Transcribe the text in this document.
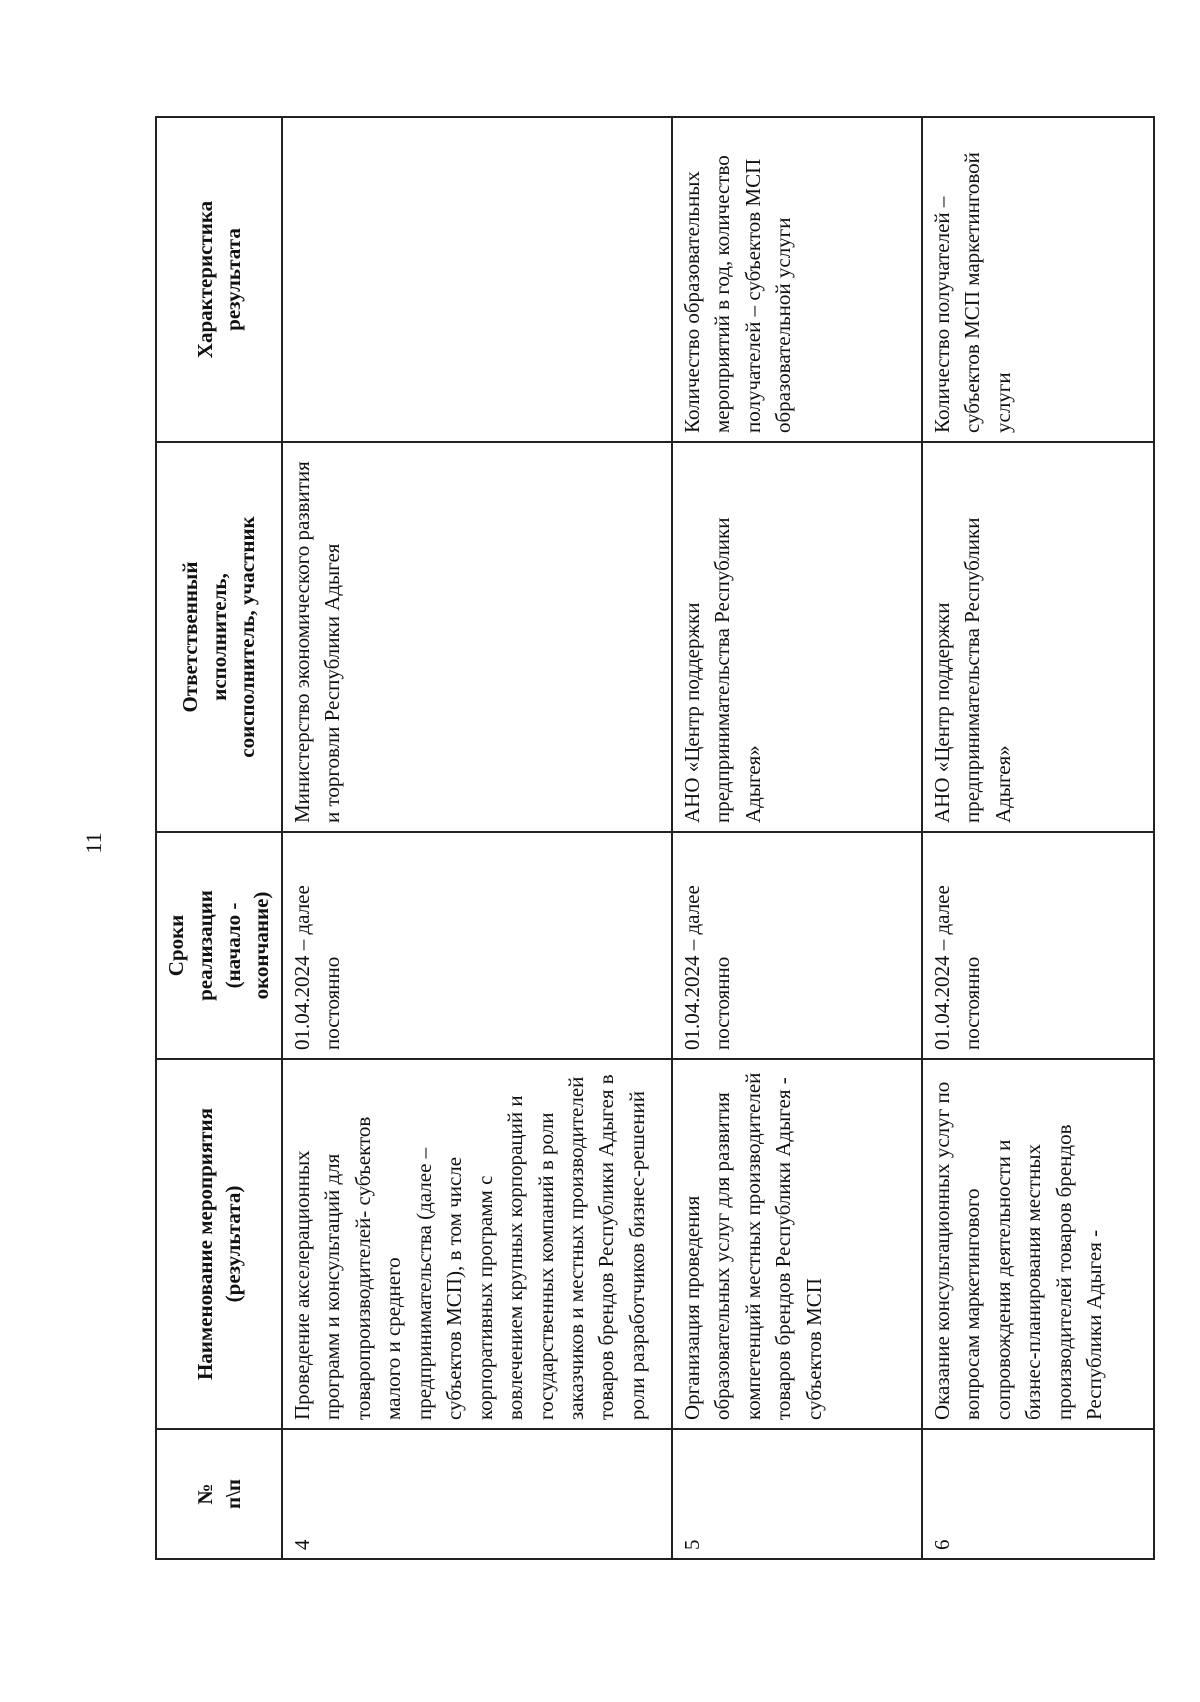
11
№
п\п	Наименование мероприятия
(результата)	Сроки
реализации
(начало -
окончание)	Ответственный
исполнитель,
соисполнитель, участник	Характеристика
результата
4	Проведение акселерационных программ и консультаций для товаропроизводителей- субъектов малого и среднего предпринимательства (далее – субъектов МСП), в том числе корпоративных программ с вовлечением крупных корпораций и государственных компаний в роли заказчиков и местных производителей товаров брендов Республики Адыгея в роли разработчиков бизнес-решений	01.04.2024 – далее постоянно	Министерство экономического развития и торговли Республики Адыгея	
5	Организация проведения образовательных услуг для развития компетенций местных производителей товаров брендов Республики Адыгея - субъектов МСП	01.04.2024 – далее постоянно	АНО «Центр поддержки предпринимательства Республики Адыгея»	Количество образовательных мероприятий в год, количество получателей – субъектов МСП образовательной услуги
6	Оказание консультационных услуг по вопросам маркетингового сопровождения деятельности и бизнес-планирования местных производителей товаров брендов Республики Адыгея -	01.04.2024 – далее постоянно	АНО «Центр поддержки предпринимательства Республики Адыгея»	Количество получателей – субъектов МСП маркетинговой услуги
